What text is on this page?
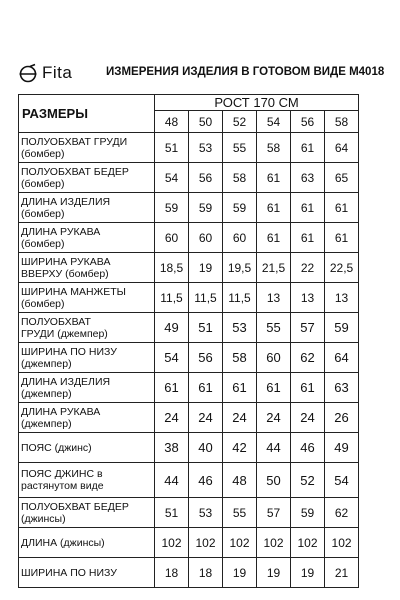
Fita	ИЗМЕРЕНИЯ ИЗДЕЛИЯ В ГОТОВОМ ВИДЕ M4018
РАЗМЕРЫ	РОСТ 170 СМ					
	48	50	52	54	56	58

ПОЛУОБХВАТ ГРУДИ
(бомбер)	51	53	55	58	61	64

ПОЛУОБХВАТ БЕДЕР
(бомбер)	54	56	58	61	63	65

ДЛИНА ИЗДЕЛИЯ
(бомбер)	59	59	59	61	61	61

ДЛИНА РУКАВА
(бомбер)	60	60	60	61	61	61

ШИРИНА РУКАВА
ВВЕРХУ (бомбер)	18,5	19	19,5	21,5	22	22,5

ШИРИНА МАНЖЕТЫ
(бомбер)	11,5	11,5	11,5	13	13	13

ПОЛУОБХВАТ
ГРУДИ (джемпер)	49	51	53	55	57	59

ШИРИНА ПО НИЗУ
(джемпер)	54	56	58	60	62	64

ДЛИНА ИЗДЕЛИЯ
(джемпер)	61	61	61	61	61	63

ДЛИНА РУКАВА
(джемпер)	24	24	24	24	24	26

ПОЯС (джинс)	38	40	42	44	46	49

ПОЯС ДЖИНС в
растянутом виде	44	46	48	50	52	54

ПОЛУОБХВАТ БЕДЕР
(джинсы)	51	53	55	57	59	62

ДЛИНА (джинсы)	102	102	102	102	102	102

ШИРИНА ПО НИЗУ	18	18	19	19	19	21
